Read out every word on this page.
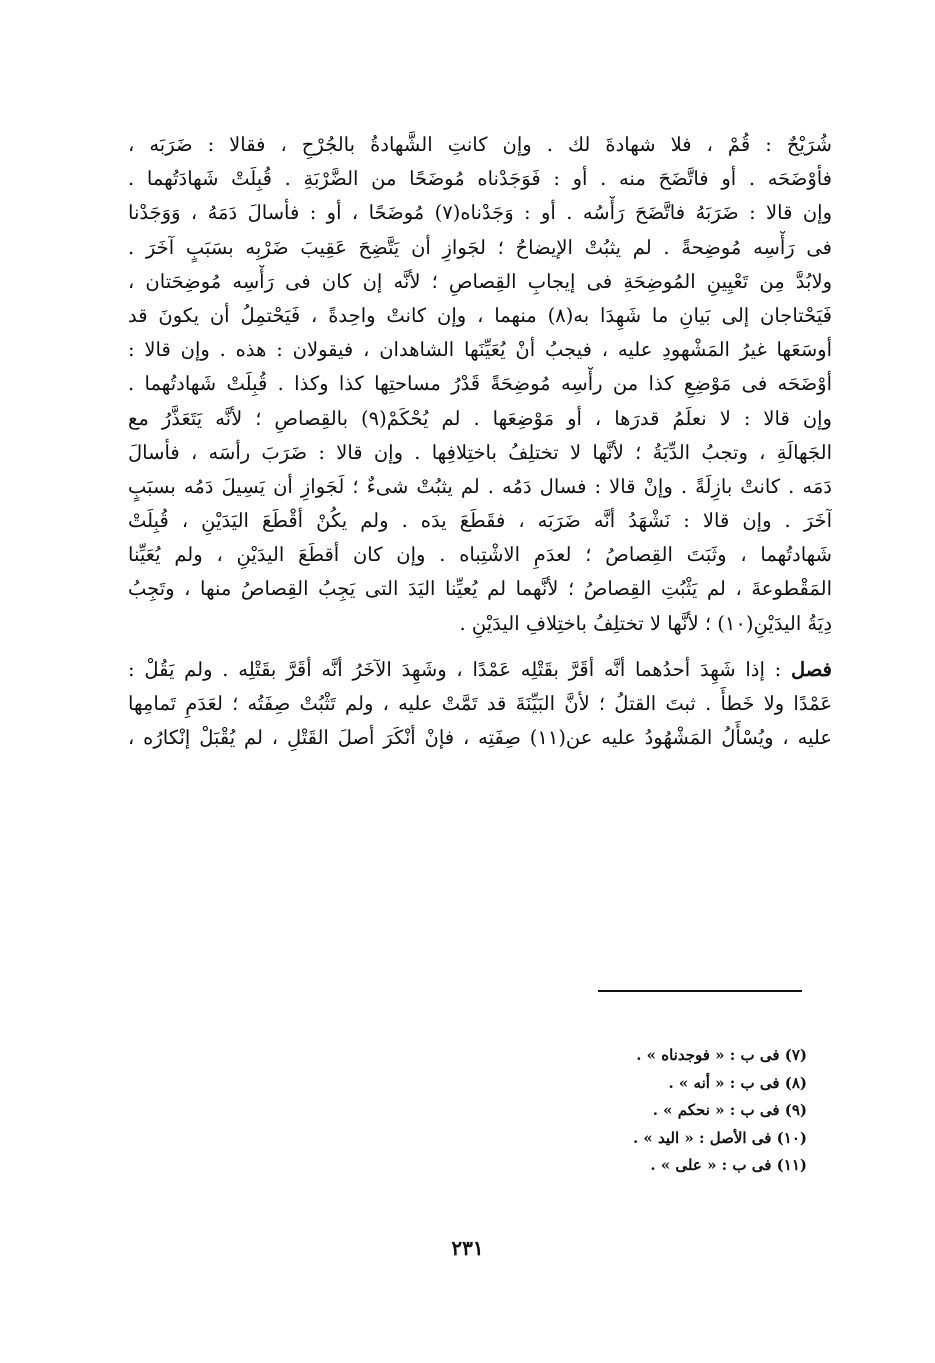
شُرَيْحٌ : قُمْ ، فلا شهادةَ لك . وإن كانتِ الشَّهادةُ بالجُرْحِ ، فقالا : ضَرَبَه ،
فأوْضَحَه . أو فاتَّضَحَ منه . أو : فَوَجَدْناه مُوضَحًا من الضَّرْبَةِ . قُبِلَتْ شَهادَتُهما .
وإن قالا : ضَرَبَهُ فاتَّضَحَ رَأْسُه . أو : وَجَدْناه(٧) مُوضَحًا ، أو : فأسالَ دَمَهُ ، وَوَجَدْنا
فى رَأْسِه مُوضِحةً . لم يثبُتْ الإيضاحُ ؛ لجَوازِ أن يَتَّضِحَ عَقِيبَ ضَرْبِه بسَبَبٍ آخَرَ .
ولابُدَّ مِن تَعْيِينِ المُوضِحَةِ فى إيجابِ القِصاصِ ؛ لأنَّه إن كان فى رَأْسِه مُوضِحَتان ،
فَيَحْتاجان إلى بَيانِ ما شَهِدَا به(٨) منهما ، وإن كانتْ واحِدةً ، فَيَحْتمِلُ أن يكونَ قد
أوسَعَها غيرُ المَشْهودِ عليه ، فيجبُ أنْ يُعَيِّنَها الشاهدان ، فيقولان : هذه . وإن قالا :
أوْضَحَه فى مَوْضِعِ كذا من رأْسِه مُوضِحَةً قَدْرُ مساحتِها كذا وكذا . قُبِلَتْ شَهادتُهما .
وإن قالا : لا نعلَمُ قدرَها ، أو مَوْضِعَها . لم يُحْكَمْ(٩) بالقِصاصِ ؛ لأنَّه يَتَعَذَّرُ مع
الجَهالَةِ ، وتجبُ الدِّيَةُ ؛ لأنَّها لا تختلِفُ باختِلافِها . وإن قالا : ضَرَبَ رأسَه ، فأسالَ
دَمَه . كانتْ بازِلَةً . وإنْ قالا : فسال دَمُه . لم يثبُتْ شىءٌ ؛ لَجَوازِ أن يَسِيلَ دَمُه بسبَبٍ
آخَرَ . وإن قالا : نَشْهَدُ أنَّه ضَرَبَه ، فقَطَعَ يدَه . ولم يكُنْ أقْطَعَ اليَدَيْنِ ، قُبِلَتْ
شَهادتُهما ، وثَبَتَ القِصاصُ ؛ لعدَمِ الاشْتِباه . وإن كان أقطَعَ اليدَيْنِ ، ولم يُعَيِّنا
المَقْطوعةَ ، لم يَثْبُتِ القِصاصُ ؛ لأنَّهما لم يُعيِّنا اليَدَ التى يَجِبُ القِصاصُ منها ، وتَجِبُ
دِيَةُ اليدَيْنِ(١٠) ؛ لأنَّها لا تختلِفُ باختِلافِ اليدَيْنِ .
فصل : إذا شَهِدَ أحدُهما أنَّه أقَرَّ بقَتْلِه عَمْدًا ، وشَهِدَ الآخَرُ أنَّه أقَرَّ بقَتْلِه . ولم يَقُلْ :
عَمْدًا ولا خَطأً . ثبتَ القتلُ ؛ لأنَّ البَيِّنَةَ قد تَمَّتْ عليه ، ولم تَثْبُتْ صِفَتُه ؛ لعَدَمِ تَمامِها
عليه ، ويُسْأَلُ المَشْهُودُ عليه عن(١١) صِفَتِه ، فإنْ أنْكَرَ أصلَ القَتْلِ ، لم يُقْبَلْ إنْكارُه ،
(٧) فى ب : « فوجدناه » .
(٨) فى ب : « أنه » .
(٩) فى ب : « نحكم » .
(١٠) فى الأصل : « اليد » .
(١١) فى ب : « على » .
٢٣١
